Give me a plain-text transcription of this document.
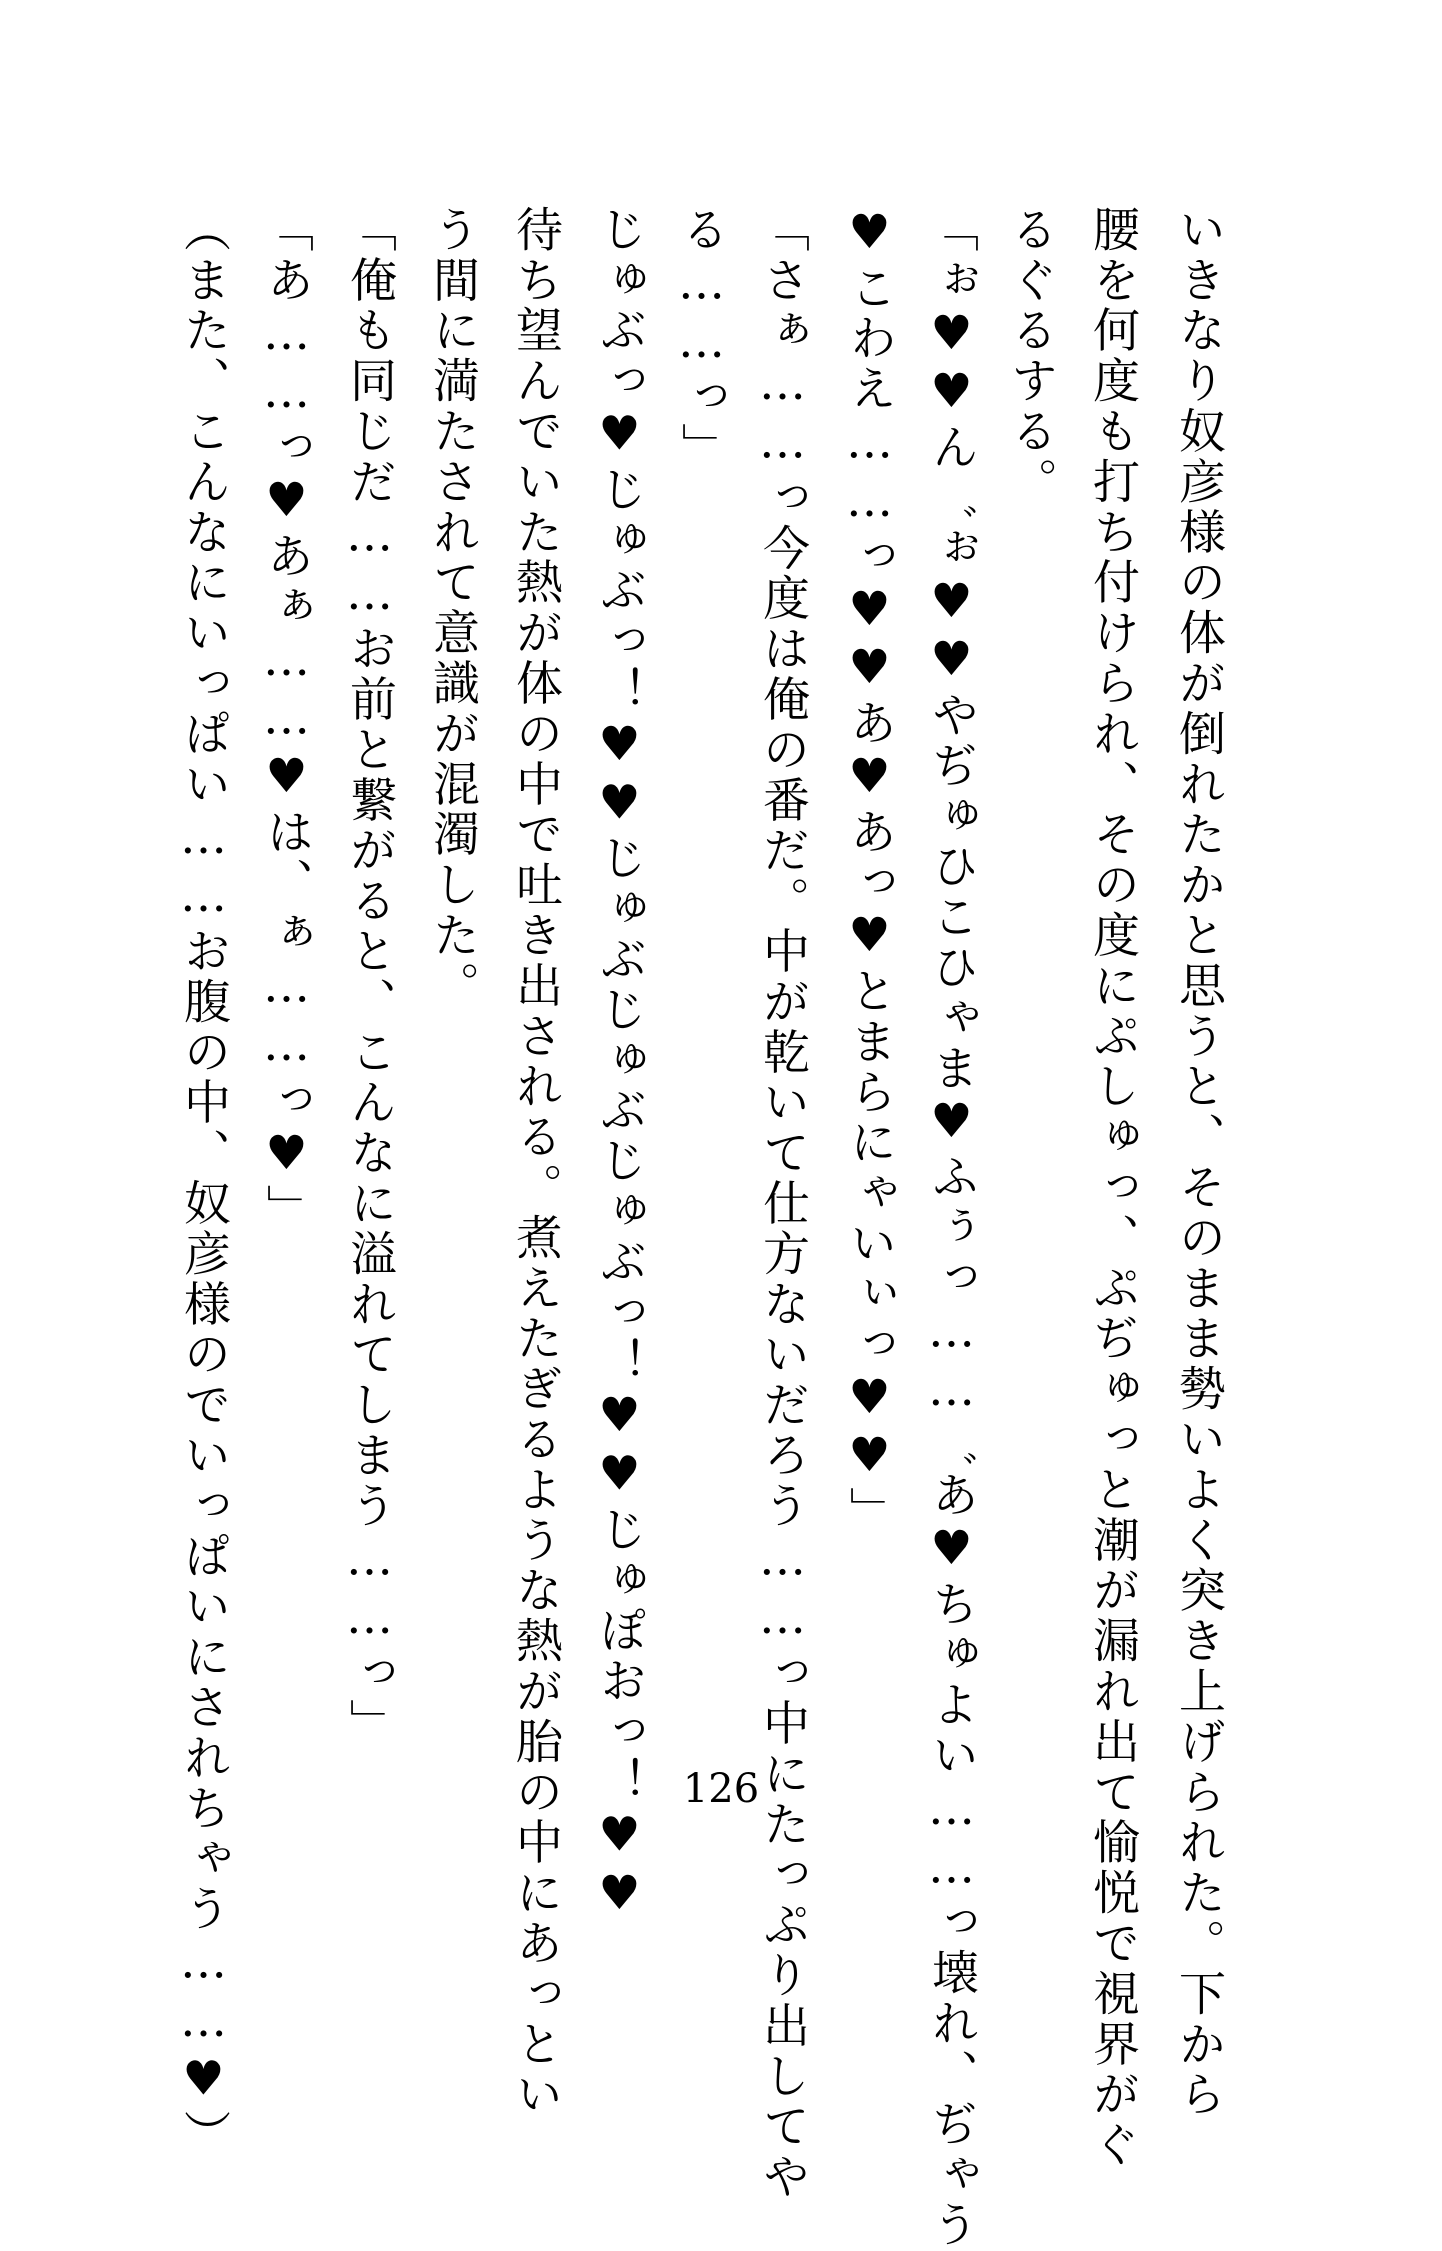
いきなり奴彦様の体が倒れたかと思うと、そのまま勢いよく突き上げられた。下から
腰を何度も打ち付けられ、その度にぷしゅっ、ぷぢゅっと潮が漏れ出て愉悦で視界がぐ
るぐるする。
「ぉ♥♥ん゛ぉ♥♥やぢゅひこひゃま♥ふぅっ……゛あ♥ちゅよい……っ壊れ、ぢゃう
♥こわえ……っ♥♥あ♥あっ♥とまらにゃいぃっ♥♥」
「さぁ……っ今度は俺の番だ。中が乾いて仕方ないだろう……っ中にたっぷり出してや
る……っ」
じゅぶっ♥じゅぶっ！♥♥じゅぶじゅぶじゅぶっ！♥♥じゅぽおっ！♥♥
待ち望んでいた熱が体の中で吐き出される。煮えたぎるような熱が胎の中にあっとい
う間に満たされて意識が混濁した。
「俺も同じだ……お前と繋がると、こんなに溢れてしまう……っ」
「あ……っ♥あぁ……♥は、ぁ……っ♥」
（また、こんなにいっぱい……お腹の中、奴彦様のでいっぱいにされちゃう……♥）	126
